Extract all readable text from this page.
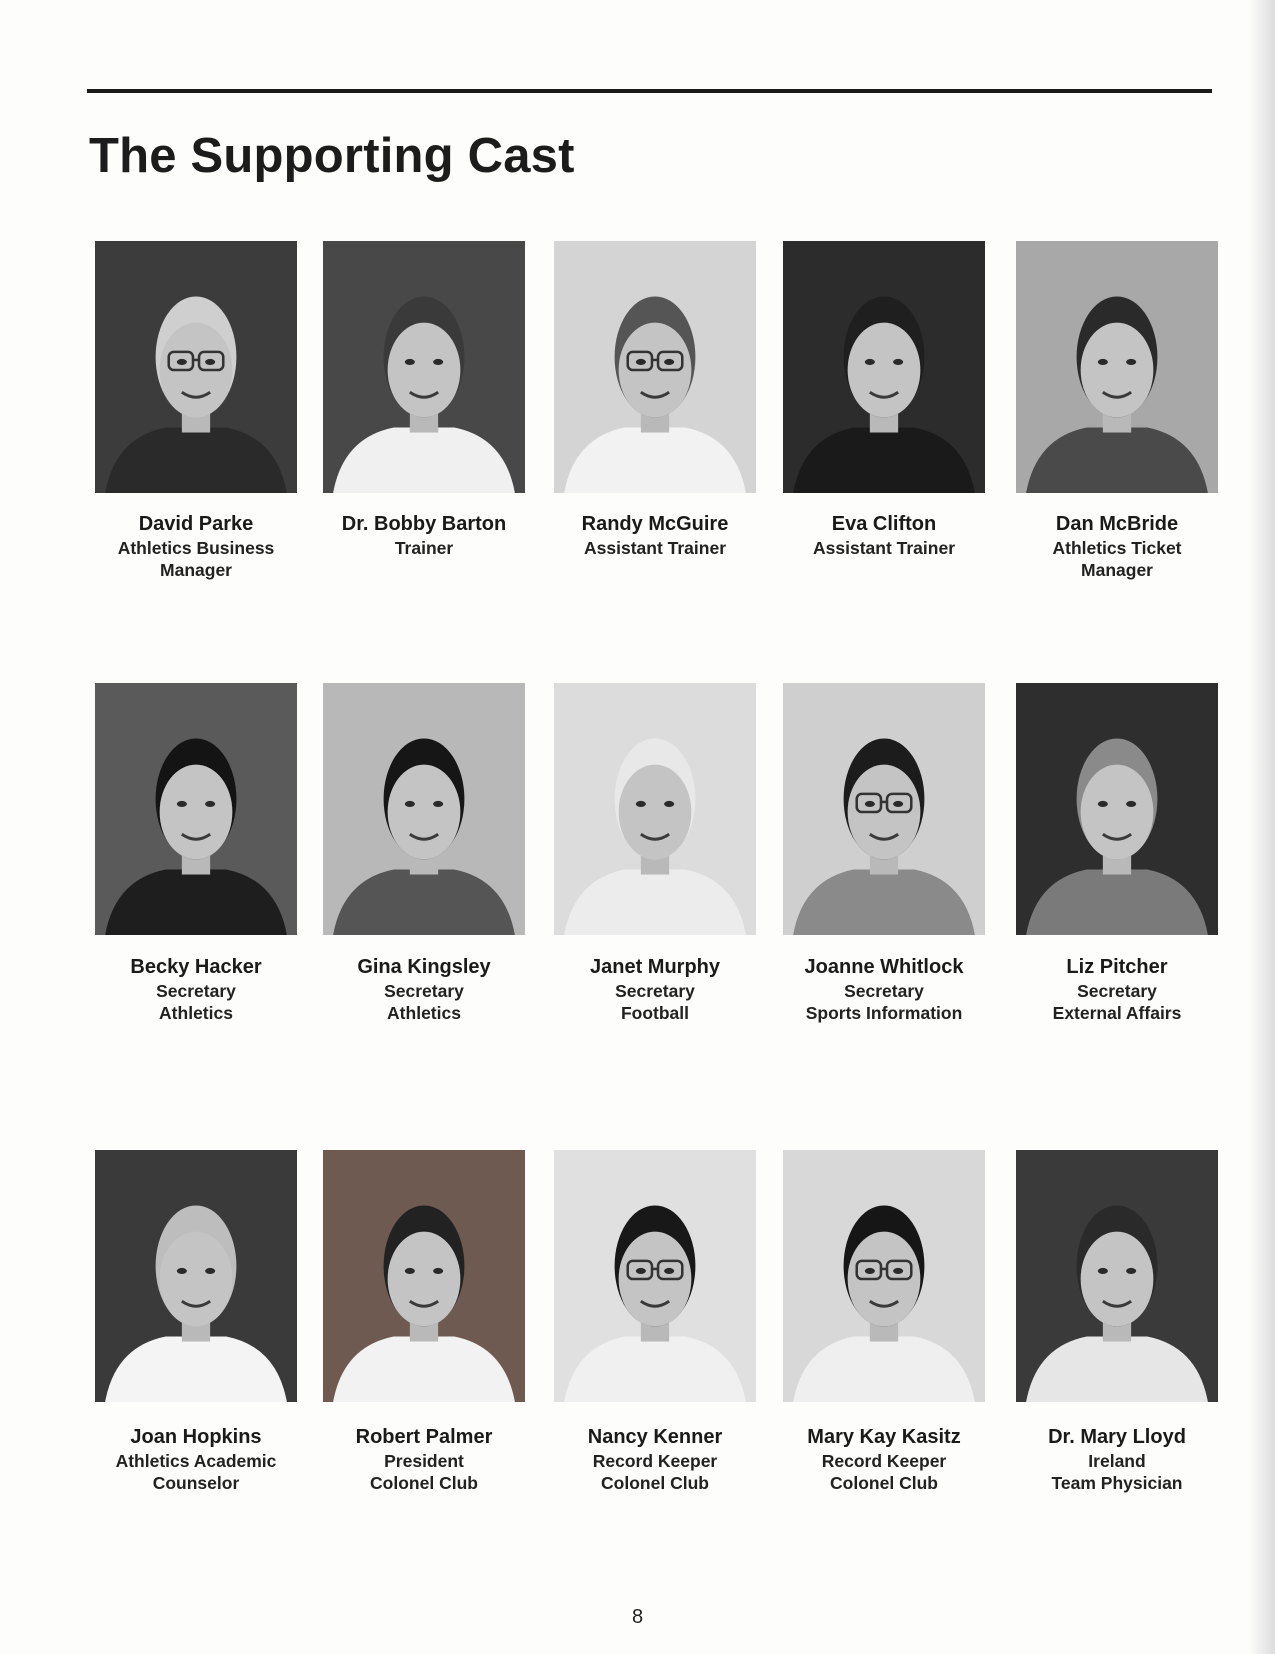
The Supporting Cast
David Parke
Athletics Business
Manager
Dr. Bobby Barton
Trainer
Randy McGuire
Assistant Trainer
Eva Clifton
Assistant Trainer
Dan McBride
Athletics Ticket
Manager
Becky Hacker
Secretary
Athletics
Gina Kingsley
Secretary
Athletics
Janet Murphy
Secretary
Football
Joanne Whitlock
Secretary
Sports Information
Liz Pitcher
Secretary
External Affairs
Joan Hopkins
Athletics Academic
Counselor
Robert Palmer
President
Colonel Club
Nancy Kenner
Record Keeper
Colonel Club
Mary Kay Kasitz
Record Keeper
Colonel Club
Dr. Mary Lloyd
Ireland
Team Physician
8
